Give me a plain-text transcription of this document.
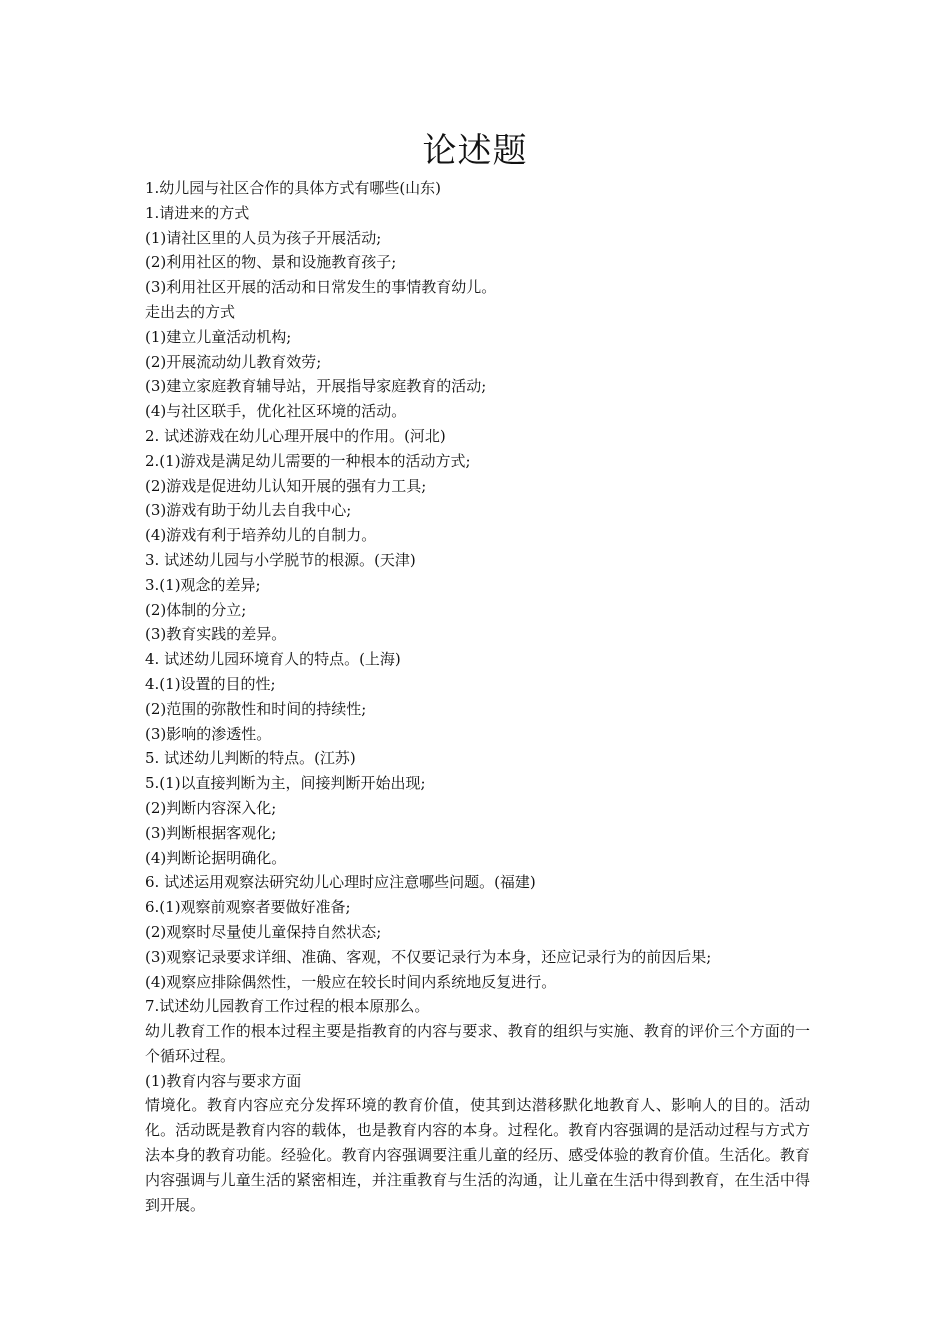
论述题

1.幼儿园与社区合作的具体方式有哪些(山东)

1.请进来的方式

(1)请社区里的人员为孩子开展活动;

(2)利用社区的物、景和设施教育孩子;

(3)利用社区开展的活动和日常发生的事情教育幼儿。

走出去的方式

(1)建立儿童活动机构;

(2)开展流动幼儿教育效劳;

(3)建立家庭教育辅导站，开展指导家庭教育的活动;

(4)与社区联手，优化社区环境的活动。

2. 试述游戏在幼儿心理开展中的作用。(河北)

2.(1)游戏是满足幼儿需要的一种根本的活动方式;

(2)游戏是促进幼儿认知开展的强有力工具;

(3)游戏有助于幼儿去自我中心;

(4)游戏有利于培养幼儿的自制力。

3. 试述幼儿园与小学脱节的根源。(天津)

3.(1)观念的差异;

(2)体制的分立;

(3)教育实践的差异。

4. 试述幼儿园环境育人的特点。(上海)

4.(1)设置的目的性;

(2)范围的弥散性和时间的持续性;

(3)影响的渗透性。

5. 试述幼儿判断的特点。(江苏)

5.(1)以直接判断为主，间接判断开始出现;

(2)判断内容深入化;

(3)判断根据客观化;

(4)判断论据明确化。

6. 试述运用观察法研究幼儿心理时应注意哪些问题。(福建)

6.(1)观察前观察者要做好准备;

(2)观察时尽量使儿童保持自然状态;

(3)观察记录要求详细、准确、客观，不仅要记录行为本身，还应记录行为的前因后果;

(4)观察应排除偶然性，一般应在较长时间内系统地反复进行。

7.试述幼儿园教育工作过程的根本原那么。

幼儿教育工作的根本过程主要是指教育的内容与要求、教育的组织与实施、教育的评价三个方面的一个循环过程。

(1)教育内容与要求方面

情境化。教育内容应充分发挥环境的教育价值，使其到达潜移默化地教育人、影响人的目的。活动化。活动既是教育内容的载体，也是教育内容的本身。过程化。教育内容强调的是活动过程与方式方法本身的教育功能。经验化。教育内容强调要注重儿童的经历、感受体验的教育价值。生活化。教育内容强调与儿童生活的紧密相连，并注重教育与生活的沟通，让儿童在生活中得到教育，在生活中得到开展。
